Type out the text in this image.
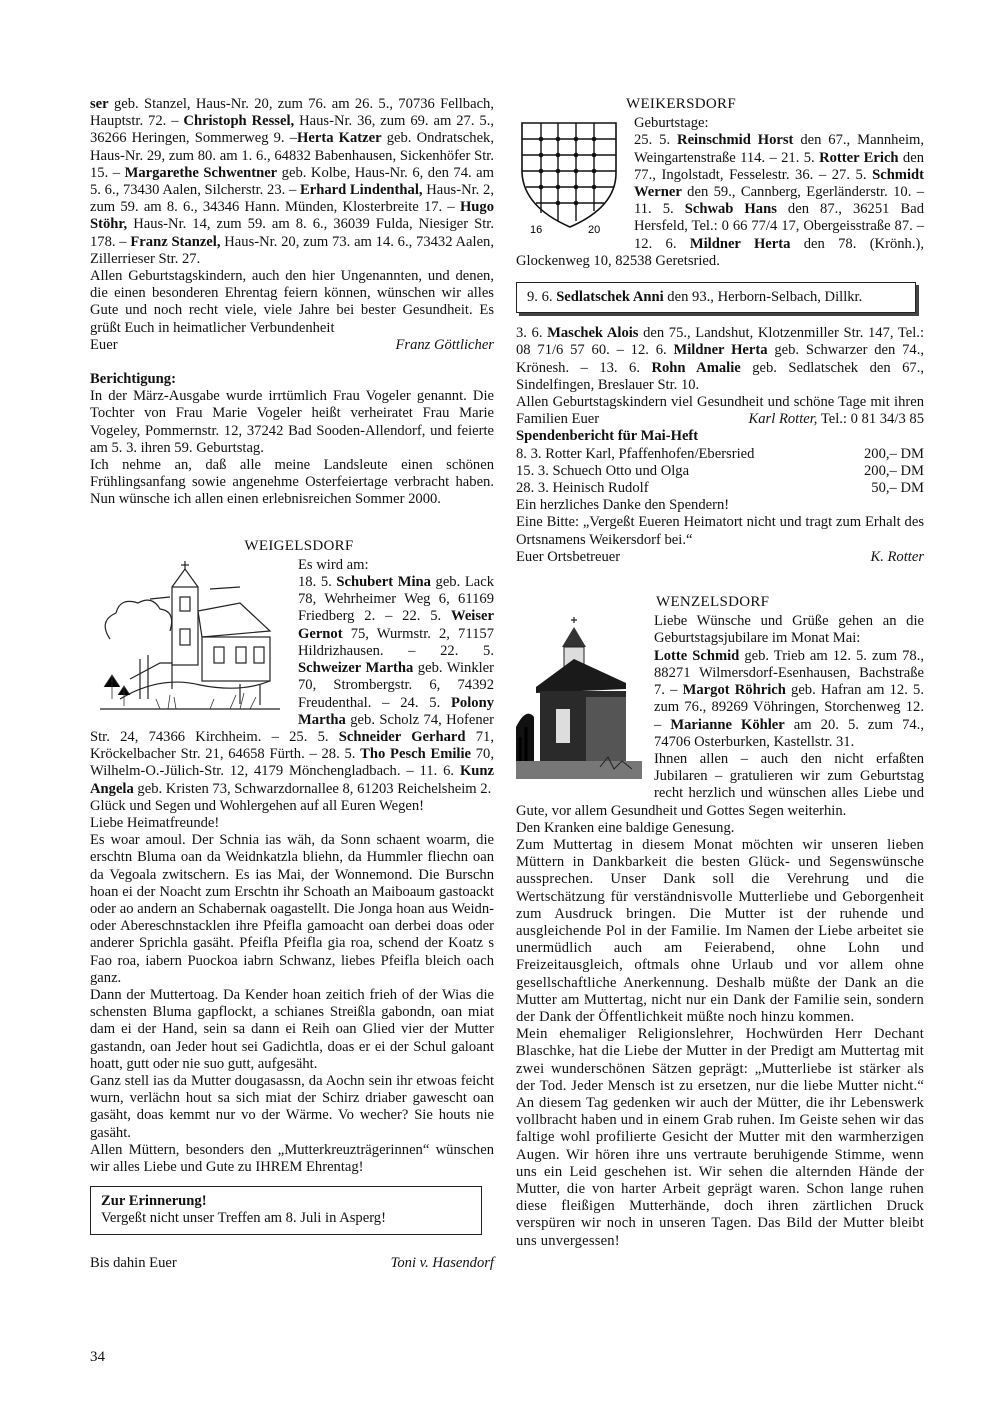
ser geb. Stanzel, Haus-Nr. 20, zum 76. am 26. 5., 70736 Fellbach, Hauptstr. 72. – Christoph Ressel, Haus-Nr. 36, zum 69. am 27. 5., 36266 Heringen, Sommerweg 9. –Herta Katzer geb. Ondratschek, Haus-Nr. 29, zum 80. am 1. 6., 64832 Babenhausen, Sickenhöfer Str. 15. – Margarethe Schwentner geb. Kolbe, Haus-Nr. 6, den 74. am 5. 6., 73430 Aalen, Silcherstr. 23. – Erhard Lindenthal, Haus-Nr. 2, zum 59. am 8. 6., 34346 Hann. Münden, Klosterbreite 17. – Hugo Stöhr, Haus-Nr. 14, zum 59. am 8. 6., 36039 Fulda, Niesiger Str. 178. – Franz Stanzel, Haus-Nr. 20, zum 73. am 14. 6., 73432 Aalen, Zillerrieser Str. 27.

Allen Geburtstagskindern, auch den hier Ungenannten, und denen, die einen besonderen Ehrentag feiern können, wünschen wir alles Gute und noch recht viele, viele Jahre bei bester Gesundheit. Es grüßt Euch in heimatlicher Verbundenheit

Euer	Franz Göttlicher

Berichtigung:

In der März-Ausgabe wurde irrtümlich Frau Vogeler genannt. Die Tochter von Frau Marie Vogeler heißt verheiratet Frau Marie Vogeley, Pommernstr. 12, 37242 Bad Sooden-Allendorf, und feierte am 5. 3. ihren 59. Geburtstag.

Ich nehme an, daß alle meine Landsleute einen schönen Frühlingsanfang sowie angenehme Osterfeiertage verbracht haben. Nun wünsche ich allen einen erlebnisreichen Sommer 2000.

WEIGELSDORF

Es wird am:

18. 5. Schubert Mina geb. Lack 78, Wehrheimer Weg 6, 61169 Friedberg 2. – 22. 5. Weiser Gernot 75, Wurmstr. 2, 71157 Hildrizhausen. – 22. 5. Schweizer Martha geb. Winkler 70, Strombergstr. 6, 74392 Freudenthal. – 24. 5. Polony Martha geb. Scholz 74, Hofener Str. 24, 74366 Kirchheim. – 25. 5. Schneider Gerhard 71, Kröckelbacher Str. 21, 64658 Fürth. – 28. 5. Tho Pesch Emilie 70, Wilhelm-O.-Jülich-Str. 12, 4179 Mönchengladbach. – 11. 6. Kunz Angela geb. Kristen 73, Schwarzdornallee 8, 61203 Reichelsheim 2.

Glück und Segen und Wohlergehen auf all Euren Wegen!

Liebe Heimatfreunde!

Es woar amoul. Der Schnia ias wäh, da Sonn schaent woarm, die erschtn Bluma oan da Weidnkatzla bliehn, da Hummler fliechn oan da Vegoala zwitschern. Es ias Mai, der Wonnemond. Die Burschn hoan ei der Noacht zum Erschtn ihr Schoath an Maiboaum gastoackt oder ao andern an Schabernak oagastellt. Die Jonga hoan aus Weidn- oder Abereschnstacklen ihre Pfeifla gamoacht oan derbei doas oder anderer Sprichla gasäht. Pfeifla Pfeifla gia roa, schend der Koatz s Fao roa, iabern Puockoa iabrn Schwanz, liebes Pfeifla bleich oach ganz.

Dann der Muttertoag. Da Kender hoan zeitich frieh of der Wias die schensten Bluma gapflockt, a schianes Streißla gabondn, oan miat dam ei der Hand, sein sa dann ei Reih oan Glied vier der Mutter gastandn, oan Jeder hout sei Gadichtla, doas er ei der Schul galoant hoatt, gutt oder nie suo gutt, aufgesäht.

Ganz stell ias da Mutter dougasassn, da Aochn sein ihr etwoas feicht wurn, verlächn hout sa sich miat der Schirz driaber gawescht oan gasäht, doas kemmt nur vo der Wärme. Vo wecher? Sie houts nie gasäht.

Allen Müttern, besonders den „Mutterkreuzträgerinnen“ wünschen wir alles Liebe und Gute zu IHREM Ehrentag!

Zur Erinnerung!

Vergeßt nicht unser Treffen am 8. Juli in Asperg!

Bis dahin Euer	Toni v. Hasendorf
WEIKERSDORF
16	20

Geburtstage:

25. 5. Reinschmid Horst den 67., Mannheim, Weingartenstraße 114. – 21. 5. Rotter Erich den 77., Ingolstadt, Fesselestr. 36. – 27. 5. Schmidt Werner den 59., Cannberg, Egerländerstr. 10. – 11. 5. Schwab Hans den 87., 36251 Bad Hersfeld, Tel.: 0 66 77/4 17, Obergeisstraße 87. – 12. 6. Mildner Herta den 78. (Krönh.), Glockenweg 10, 82538 Geretsried.

9. 6. Sedlatschek Anni den 93., Herborn-Selbach, Dillkr.

3. 6. Maschek Alois den 75., Landshut, Klotzenmiller Str. 147, Tel.: 08 71/6 57 60. – 12. 6. Mildner Herta geb. Schwarzer den 74., Krönesh. – 13. 6. Rohn Amalie geb. Sedlatschek den 67., Sindelfingen, Breslauer Str. 10.

Allen Geburtstagskindern viel Gesundheit und schöne Tage mit ihren Familien Euer	Karl Rotter, Tel.: 0 81 34/3 85

Spendenbericht für Mai-Heft

8. 3. Rotter Karl, Pfaffenhofen/Ebersried	200,– DM
15. 3. Schuech Otto und Olga	200,– DM
28. 3. Heinisch Rudolf	50,– DM

Ein herzliches Danke den Spendern!

Eine Bitte: „Vergeßt Eueren Heimatort nicht und tragt zum Erhalt des Ortsnamens Weikersdorf bei.“

Euer Ortsbetreuer	K. Rotter
WENZELSDORF

Liebe Wünsche und Grüße gehen an die Geburtstagsjubilare im Monat Mai:

Lotte Schmid geb. Trieb am 12. 5. zum 78., 88271 Wilmersdorf-Esenhausen, Bachstraße 7. – Margot Röhrich geb. Hafran am 12. 5. zum 76., 89269 Vöhringen, Storchenweg 12. – Marianne Köhler am 20. 5. zum 74., 74706 Osterburken, Kastellstr. 31.

Ihnen allen – auch den nicht erfaßten Jubilaren – gratulieren wir zum Geburtstag recht herzlich und wünschen alles Liebe und Gute, vor allem Gesundheit und Gottes Segen weiterhin.

Den Kranken eine baldige Genesung.

Zum Muttertag in diesem Monat möchten wir unseren lieben Müttern in Dankbarkeit die besten Glück- und Segenswünsche aussprechen. Unser Dank soll die Verehrung und die Wertschätzung für verständnisvolle Mutterliebe und Geborgenheit zum Ausdruck bringen. Die Mutter ist der ruhende und ausgleichende Pol in der Familie. Im Namen der Liebe arbeitet sie unermüdlich auch am Feierabend, ohne Lohn und Freizeitausgleich, oftmals ohne Urlaub und vor allem ohne gesellschaftliche Anerkennung. Deshalb müßte der Dank an die Mutter am Muttertag, nicht nur ein Dank der Familie sein, sondern der Dank der Öffentlichkeit müßte noch hinzu kommen.

Mein ehemaliger Religionslehrer, Hochwürden Herr Dechant Blaschke, hat die Liebe der Mutter in der Predigt am Muttertag mit zwei wunderschönen Sätzen geprägt: „Mutterliebe ist stärker als der Tod. Jeder Mensch ist zu ersetzen, nur die liebe Mutter nicht.“ An diesem Tag gedenken wir auch der Mütter, die ihr Lebenswerk vollbracht haben und in einem Grab ruhen. Im Geiste sehen wir das faltige wohl profilierte Gesicht der Mutter mit den warmherzigen Augen. Wir hören ihre uns vertraute beruhigende Stimme, wenn uns ein Leid geschehen ist. Wir sehen die alternden Hände der Mutter, die von harter Arbeit geprägt waren. Schon lange ruhen diese fleißigen Mutterhände, doch ihren zärtlichen Druck verspüren wir noch in unseren Tagen. Das Bild der Mutter bleibt uns unvergessen!

34
